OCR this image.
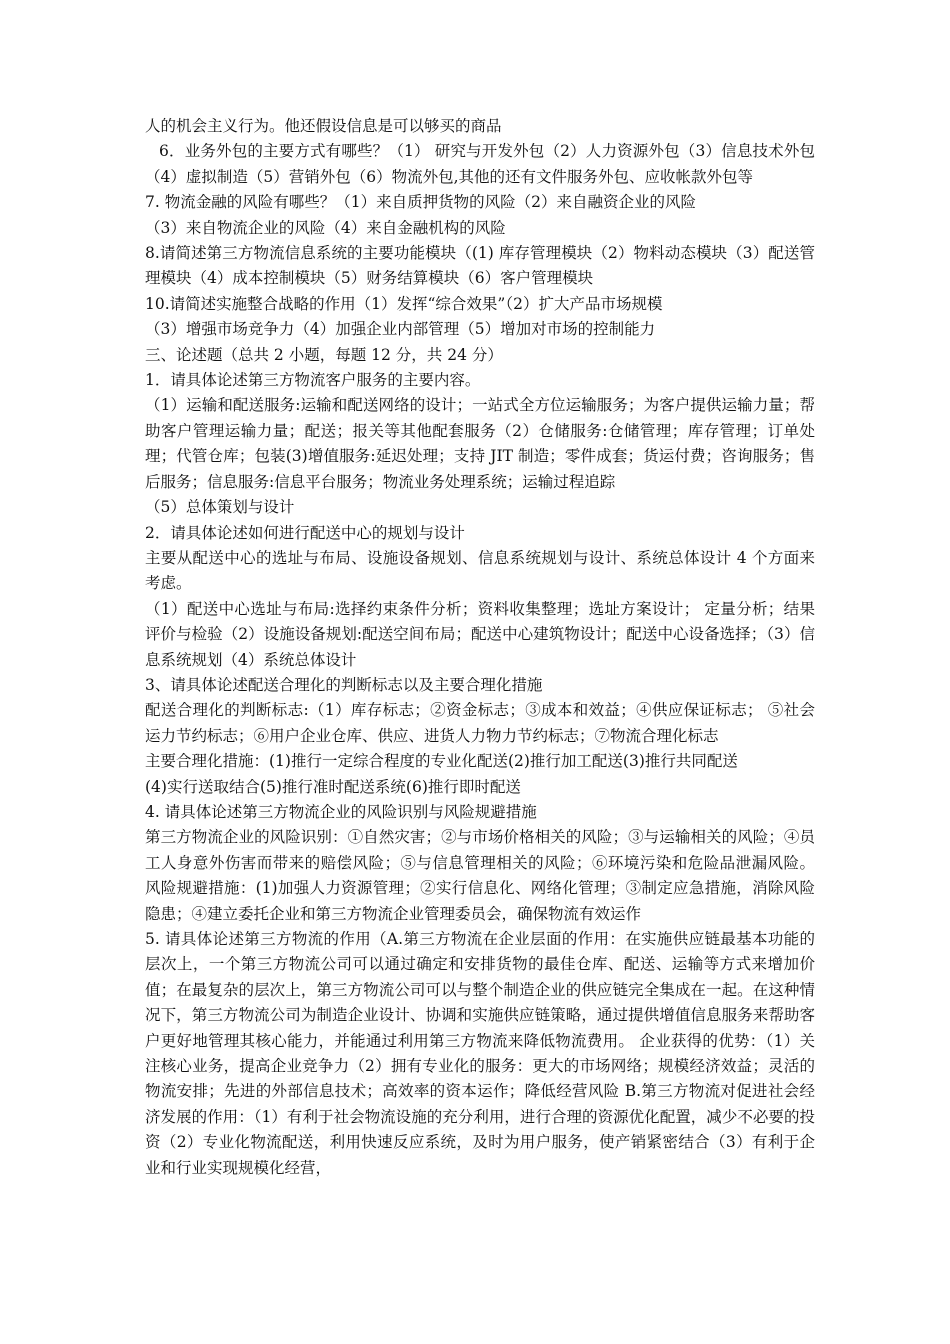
人的机会主义行为。他还假设信息是可以够买的商品

6．业务外包的主要方式有哪些？（1） 研究与开发外包（2）人力资源外包（3）信息技术外包（4）虚拟制造（5）营销外包（6）物流外包,其他的还有文件服务外包、应收帐款外包等

7. 物流金融的风险有哪些？（1）来自质押货物的风险（2）来自融资企业的风险

（3）来自物流企业的风险（4）来自金融机构的风险

8.请简述第三方物流信息系统的主要功能模块（(1) 库存管理模块（2）物料动态模块（3）配送管理模块（4）成本控制模块（5）财务结算模块（6）客户管理模块

10.请简述实施整合战略的作用（1）发挥“综合效果”（2）扩大产品市场规模

（3）增强市场竞争力（4）加强企业内部管理（5）增加对市场的控制能力

三、论述题（总共 2 小题，每题 12 分，共 24 分）

1．请具体论述第三方物流客户服务的主要内容。

（1）运输和配送服务:运输和配送网络的设计；一站式全方位运输服务；为客户提供运输力量；帮助客户管理运输力量；配送；报关等其他配套服务（2）仓储服务:仓储管理；库存管理；订单处理；代管仓库；包装(3)增值服务:延迟处理；支持 JIT 制造；零件成套；货运付费；咨询服务；售后服务；信息服务:信息平台服务；物流业务处理系统；运输过程追踪

（5）总体策划与设计

2．请具体论述如何进行配送中心的规划与设计

主要从配送中心的选址与布局、设施设备规划、信息系统规划与设计、系统总体设计 4 个方面来考虑。

（1）配送中心选址与布局:选择约束条件分析；资料收集整理；选址方案设计； 定量分析；结果评价与检验（2）设施设备规划:配送空间布局；配送中心建筑物设计；配送中心设备选择；（3）信息系统规划（4）系统总体设计

3、请具体论述配送合理化的判断标志以及主要合理化措施

配送合理化的判断标志:（1）库存标志；②资金标志；③成本和效益；④供应保证标志； ⑤社会运力节约标志；⑥用户企业仓库、供应、进货人力物力节约标志；⑦物流合理化标志

主要合理化措施：(1)推行一定综合程度的专业化配送(2)推行加工配送(3)推行共同配送

(4)实行送取结合(5)推行准时配送系统(6)推行即时配送

4. 请具体论述第三方物流企业的风险识别与风险规避措施

第三方物流企业的风险识别：①自然灾害；②与市场价格相关的风险；③与运输相关的风险；④员工人身意外伤害而带来的赔偿风险；⑤与信息管理相关的风险；⑥环境污染和危险品泄漏风险。 风险规避措施：(1)加强人力资源管理；②实行信息化、网络化管理；③制定应急措施，消除风险隐患；④建立委托企业和第三方物流企业管理委员会，确保物流有效运作

5. 请具体论述第三方物流的作用（A.第三方物流在企业层面的作用：在实施供应链最基本功能的层次上，一个第三方物流公司可以通过确定和安排货物的最佳仓库、配送、运输等方式来增加价值；在最复杂的层次上，第三方物流公司可以与整个制造企业的供应链完全集成在一起。在这种情况下，第三方物流公司为制造企业设计、协调和实施供应链策略，通过提供增值信息服务来帮助客户更好地管理其核心能力，并能通过利用第三方物流来降低物流费用。 企业获得的优势：（1）关注核心业务，提高企业竞争力（2）拥有专业化的服务：更大的市场网络；规模经济效益；灵活的物流安排；先进的外部信息技术；高效率的资本运作；降低经营风险 B.第三方物流对促进社会经济发展的作用：（1）有利于社会物流设施的充分利用，进行合理的资源优化配置，减少不必要的投资（2）专业化物流配送，利用快速反应系统，及时为用户服务，使产销紧密结合（3）有利于企业和行业实现规模化经营，
